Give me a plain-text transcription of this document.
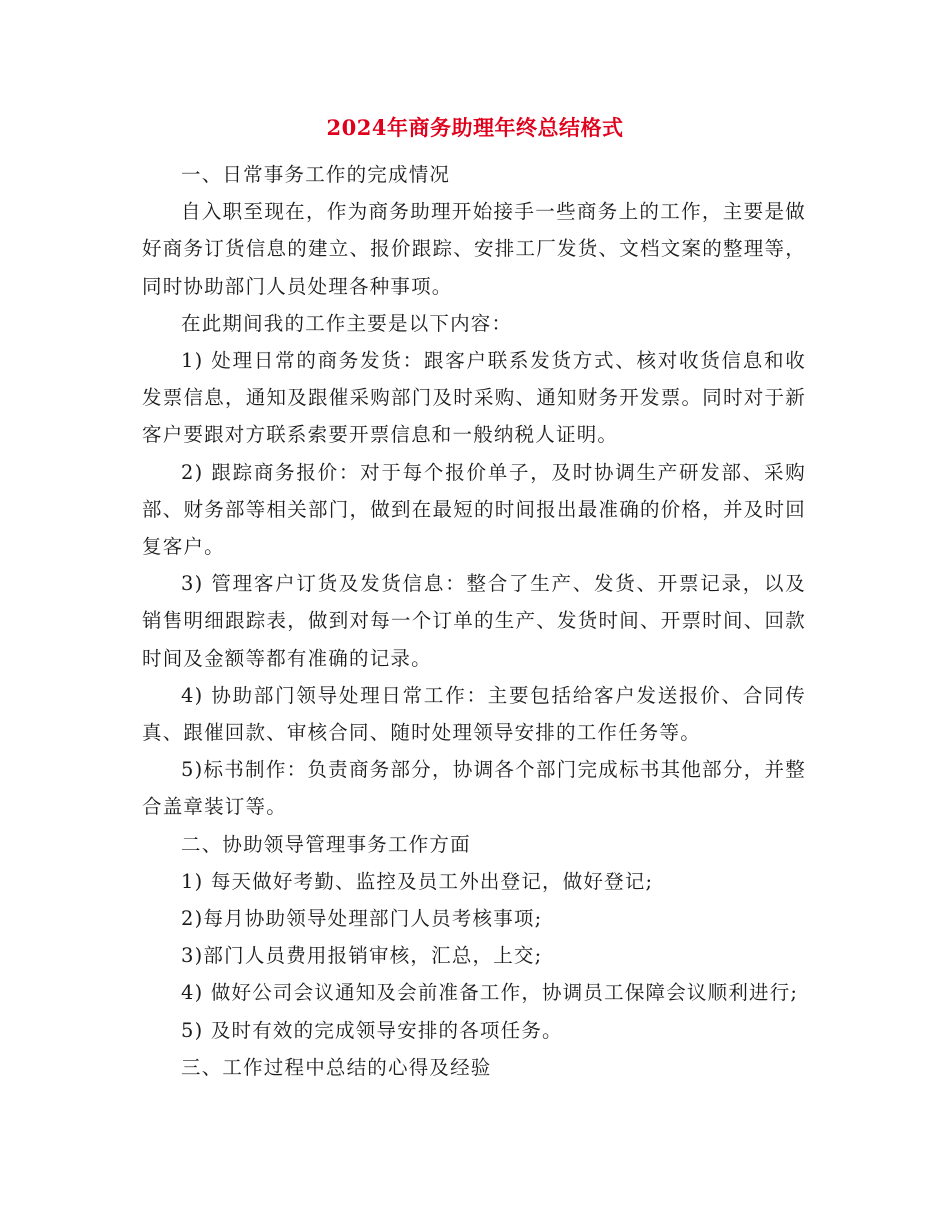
2024年商务助理年终总结格式

一、日常事务工作的完成情况

自入职至现在，作为商务助理开始接手一些商务上的工作，主要是做好商务订货信息的建立、报价跟踪、安排工厂发货、文档文案的整理等，同时协助部门人员处理各种事项。

在此期间我的工作主要是以下内容：

1) 处理日常的商务发货：跟客户联系发货方式、核对收货信息和收发票信息，通知及跟催采购部门及时采购、通知财务开发票。同时对于新客户要跟对方联系索要开票信息和一般纳税人证明。

2) 跟踪商务报价：对于每个报价单子，及时协调生产研发部、采购部、财务部等相关部门，做到在最短的时间报出最准确的价格，并及时回复客户。

3) 管理客户订货及发货信息：整合了生产、发货、开票记录，以及销售明细跟踪表，做到对每一个订单的生产、发货时间、开票时间、回款时间及金额等都有准确的记录。

4) 协助部门领导处理日常工作：主要包括给客户发送报价、合同传真、跟催回款、审核合同、随时处理领导安排的工作任务等。

5)标书制作：负责商务部分，协调各个部门完成标书其他部分，并整合盖章装订等。

二、协助领导管理事务工作方面

1) 每天做好考勤、监控及员工外出登记，做好登记;

2)每月协助领导处理部门人员考核事项;

3)部门人员费用报销审核，汇总，上交;

4) 做好公司会议通知及会前准备工作，协调员工保障会议顺利进行;

5) 及时有效的完成领导安排的各项任务。

三、工作过程中总结的心得及经验
